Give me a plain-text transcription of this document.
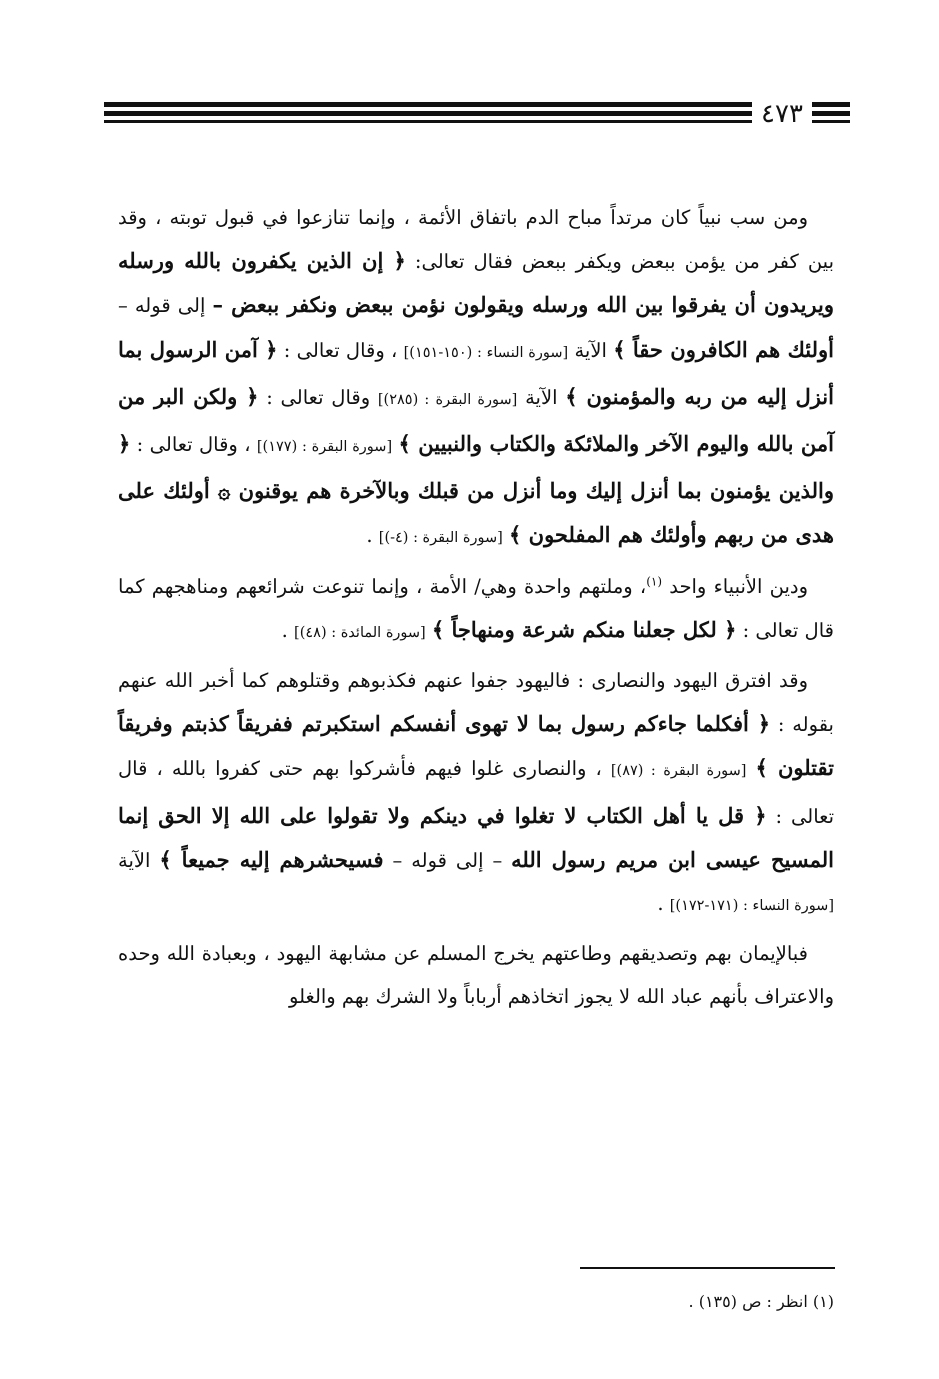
٤٧٣

ومن سب نبياً كان مرتداً مباح الدم باتفاق الأئمة ، وإنما تنازعوا في قبول توبته ، وقد بين كفر من يؤمن ببعض ويكفر ببعض فقال تعالى: ﴿ إن الذين يكفرون بالله ورسله ويريدون أن يفرقوا بين الله ورسله ويقولون نؤمن ببعض ونكفر ببعض – إلى قوله – أولئك هم الكافرون حقاً ﴾ الآية [سورة النساء : (١٥٠-١٥١)] ، وقال تعالى : ﴿ آمن الرسول بما أنزل إليه من ربه والمؤمنون ﴾ الآية [سورة البقرة : (٢٨٥)] وقال تعالى : ﴿ ولكن البر من آمن بالله واليوم الآخر والملائكة والكتاب والنبيين ﴾ [سورة البقرة : (١٧٧)] ، وقال تعالى : ﴿ والذين يؤمنون بما أنزل إليك وما أنزل من قبلك وبالآخرة هم يوقنون ۞ أولئك على هدى من ربهم وأولئك هم المفلحون ﴾ [سورة البقرة : (٤-)] .

ودين الأنبياء واحد $^{(١)}$، وملتهم واحدة وهي/ الأمة ، وإنما تنوعت شرائعهم ومناهجهم كما قال تعالى : ﴿ لكل جعلنا منكم شرعة ومنهاجاً ﴾ [سورة المائدة : (٤٨)] .

وقد افترق اليهود والنصارى : فاليهود جفوا عنهم فكذبوهم وقتلوهم كما أخبر الله عنهم بقوله : ﴿ أفكلما جاءكم رسول بما لا تهوى أنفسكم استكبرتم ففريقاً كذبتم وفريقاً تقتلون ﴾ [سورة البقرة : (٨٧)] ، والنصارى غلوا فيهم فأشركوا بهم حتى كفروا بالله ، قال تعالى : ﴿ قل يا أهل الكتاب لا تغلوا في دينكم ولا تقولوا على الله إلا الحق إنما المسيح عيسى ابن مريم رسول الله – إلى قوله – فسيحشرهم إليه جميعاً ﴾ الآية [سورة النساء : (١٧١-١٧٢)] .

فبالإيمان بهم وتصديقهم وطاعتهم يخرج المسلم عن مشابهة اليهود ، وبعبادة الله وحده والاعتراف بأنهم عباد الله لا يجوز اتخاذهم أرباباً ولا الشرك بهم والغلو

(١) انظر : ص (١٣٥) .
